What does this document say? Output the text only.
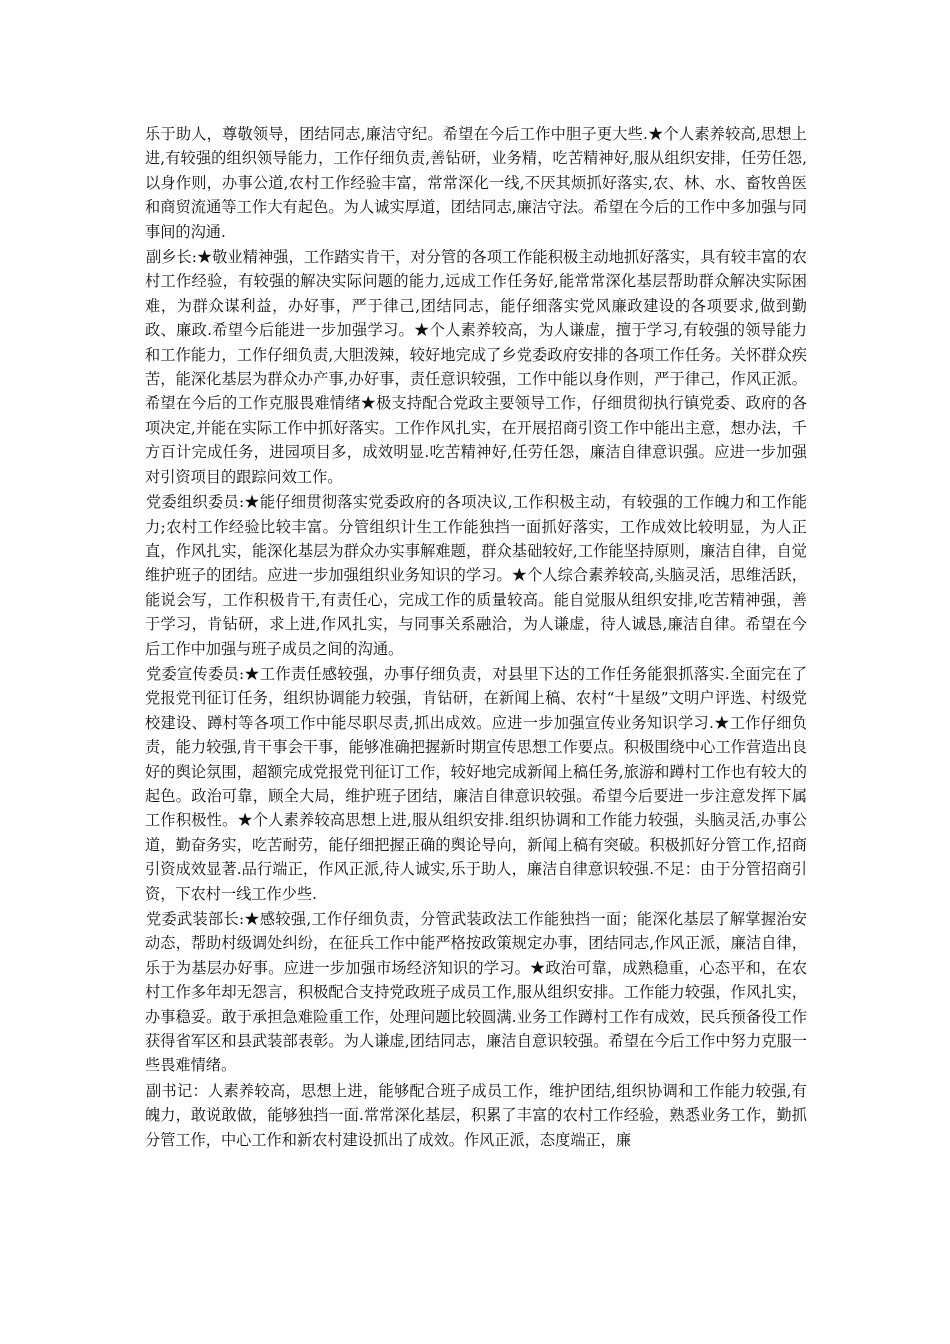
乐于助人，尊敬领导，团结同志,廉洁守纪。希望在今后工作中胆子更大些.★个人素养较高,思想上进,有较强的组织领导能力，工作仔细负责,善钻研，业务精，吃苦精神好,服从组织安排，任劳任怨,以身作则，办事公道,农村工作经验丰富，常常深化一线,不厌其烦抓好落实,农、林、水、畜牧兽医和商贸流通等工作大有起色。为人诚实厚道，团结同志,廉洁守法。希望在今后的工作中多加强与同事间的沟通.

副乡长:★敬业精神强，工作踏实肯干，对分管的各项工作能积极主动地抓好落实，具有较丰富的农村工作经验，有较强的解决实际问题的能力,远成工作任务好,能常常深化基层帮助群众解决实际困难，为群众谋利益，办好事，严于律己,团结同志，能仔细落实党风廉政建设的各项要求,做到勤政、廉政.希望今后能进一步加强学习。★个人素养较高，为人谦虚，擅于学习,有较强的领导能力和工作能力，工作仔细负责,大胆泼辣，较好地完成了乡党委政府安排的各项工作任务。关怀群众疾苦，能深化基层为群众办产事,办好事，责任意识较强，工作中能以身作则，严于律己，作风正派。希望在今后的工作克服畏难情绪★极支持配合党政主要领导工作，仔细贯彻执行镇党委、政府的各项决定,并能在实际工作中抓好落实。工作作风扎实，在开展招商引资工作中能出主意，想办法，千方百计完成任务，进园项目多，成效明显.吃苦精神好,任劳任怨，廉洁自律意识强。应进一步加强对引资项目的跟踪问效工作。

党委组织委员:★能仔细贯彻落实党委政府的各项决议,工作积极主动，有较强的工作魄力和工作能力;农村工作经验比较丰富。分管组织计生工作能独挡一面抓好落实，工作成效比较明显，为人正直，作风扎实，能深化基层为群众办实事解难题，群众基础较好,工作能坚持原则，廉洁自律，自觉维护班子的团结。应进一步加强组织业务知识的学习。★个人综合素养较高,头脑灵活，思维活跃，能说会写，工作积极肯干,有责任心，完成工作的质量较高。能自觉服从组织安排,吃苦精神强，善于学习，肯钻研，求上进,作风扎实，与同事关系融洽，为人谦虚，待人诚恳,廉洁自律。希望在今后工作中加强与班子成员之间的沟通。

党委宣传委员:★工作责任感较强，办事仔细负责，对县里下达的工作任务能狠抓落实.全面完在了党报党刊征订任务，组织协调能力较强，肯钻研，在新闻上稿、农村“十星级”文明户评选、村级党校建设、蹲村等各项工作中能尽职尽责,抓出成效。应进一步加强宣传业务知识学习.★工作仔细负责，能力较强,肯干事会干事，能够准确把握新时期宣传思想工作要点。积极围绕中心工作营造出良好的舆论氛围，超额完成党报党刊征订工作，较好地完成新闻上稿任务,旅游和蹲村工作也有较大的起色。政治可靠，顾全大局，维护班子团结，廉洁自律意识较强。希望今后要进一步注意发挥下属工作积极性。★个人素养较高思想上进,服从组织安排.组织协调和工作能力较强，头脑灵活,办事公道，勤奋务实，吃苦耐劳，能仔细把握正确的舆论导向，新闻上稿有突破。积极抓好分管工作,招商引资成效显著.品行端正，作风正派,待人诚实,乐于助人，廉洁自律意识较强.不足：由于分管招商引资，下农村一线工作少些.

党委武装部长:★感较强,工作仔细负责，分管武装政法工作能独挡一面；能深化基层了解掌握治安动态，帮助村级调处纠纷，在征兵工作中能严格按政策规定办事，团结同志,作风正派，廉洁自律，乐于为基层办好事。应进一步加强市场经济知识的学习。★政治可靠，成熟稳重，心态平和，在农村工作多年却无怨言，积极配合支持党政班子成员工作,服从组织安排。工作能力较强，作风扎实，办事稳妥。敢于承担急难险重工作，处理问题比较圆满.业务工作蹲村工作有成效，民兵预备役工作获得省军区和县武装部表彰。为人谦虚,团结同志，廉洁自意识较强。希望在今后工作中努力克服一些畏难情绪。

副书记：人素养较高，思想上进，能够配合班子成员工作，维护团结,组织协调和工作能力较强,有魄力，敢说敢做，能够独挡一面.常常深化基层，积累了丰富的农村工作经验，熟悉业务工作，勤抓分管工作，中心工作和新农村建设抓出了成效。作风正派，态度端正，廉
